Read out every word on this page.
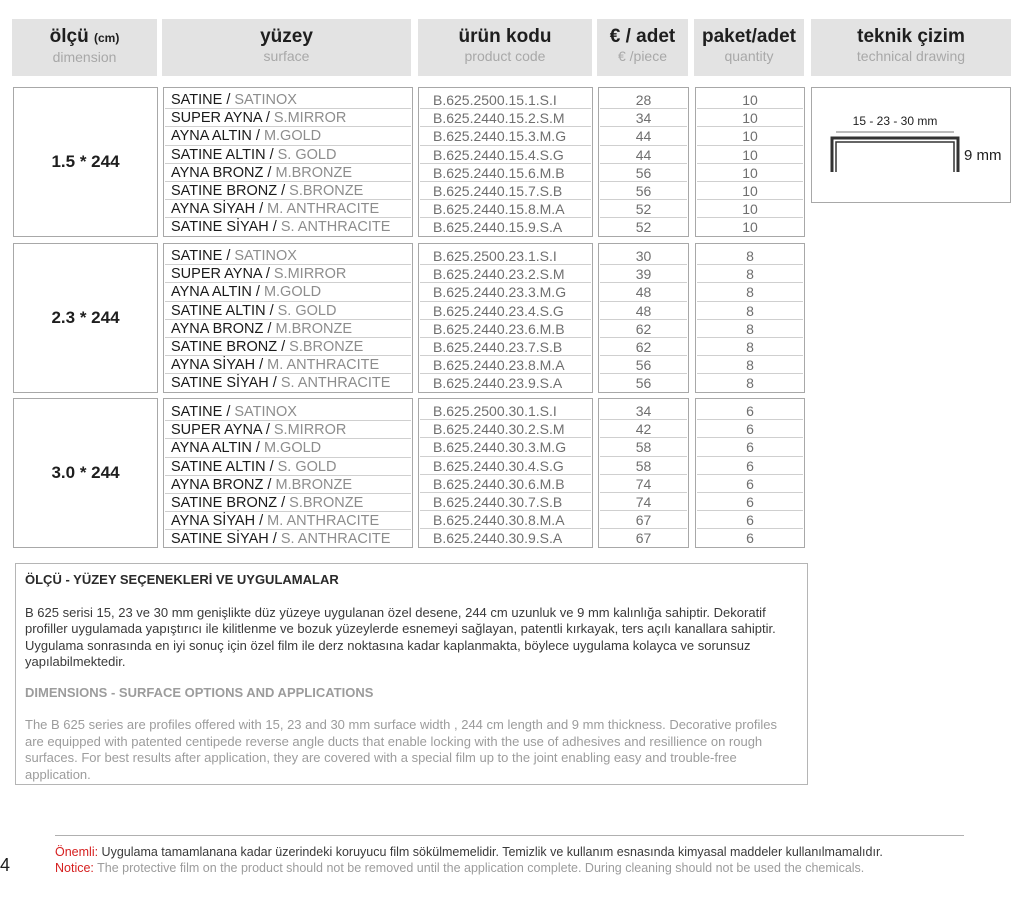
ölçü (cm)
dimension
yüzey
surface
ürün kodu
product code
€ / adet
€ /piece
paket/adet
quantity
teknik çizim
technical drawing
15 - 23 - 30 mm
9 mm
1.5 * 244
SATINE / SATINOX
SUPER AYNA / S.MIRROR
AYNA ALTIN / M.GOLD
SATINE ALTIN / S. GOLD
AYNA BRONZ / M.BRONZE
SATINE BRONZ / S.BRONZE
AYNA SİYAH / M. ANTHRACITE
SATINE SİYAH / S. ANTHRACITE
B.625.2500.15.1.S.I
B.625.2440.15.2.S.M
B.625.2440.15.3.M.G
B.625.2440.15.4.S.G
B.625.2440.15.6.M.B
B.625.2440.15.7.S.B
B.625.2440.15.8.M.A
B.625.2440.15.9.S.A
28
34
44
44
56
56
52
52
10
10
10
10
10
10
10
10
2.3 * 244
SATINE / SATINOX
SUPER AYNA / S.MIRROR
AYNA ALTIN / M.GOLD
SATINE ALTIN / S. GOLD
AYNA BRONZ / M.BRONZE
SATINE BRONZ / S.BRONZE
AYNA SİYAH / M. ANTHRACITE
SATINE SİYAH / S. ANTHRACITE
B.625.2500.23.1.S.I
B.625.2440.23.2.S.M
B.625.2440.23.3.M.G
B.625.2440.23.4.S.G
B.625.2440.23.6.M.B
B.625.2440.23.7.S.B
B.625.2440.23.8.M.A
B.625.2440.23.9.S.A
30
39
48
48
62
62
56
56
8
8
8
8
8
8
8
8
3.0 * 244
SATINE / SATINOX
SUPER AYNA / S.MIRROR
AYNA ALTIN / M.GOLD
SATINE ALTIN / S. GOLD
AYNA BRONZ / M.BRONZE
SATINE BRONZ / S.BRONZE
AYNA SİYAH / M. ANTHRACITE
SATINE SİYAH / S. ANTHRACITE
B.625.2500.30.1.S.I
B.625.2440.30.2.S.M
B.625.2440.30.3.M.G
B.625.2440.30.4.S.G
B.625.2440.30.6.M.B
B.625.2440.30.7.S.B
B.625.2440.30.8.M.A
B.625.2440.30.9.S.A
34
42
58
58
74
74
67
67
6
6
6
6
6
6
6
6
ÖLÇÜ - YÜZEY SEÇENEKLERİ VE UYGULAMALAR
B 625 serisi 15, 23 ve 30 mm genişlikte düz yüzeye uygulanan özel desene, 244 cm uzunluk ve 9 mm kalınlığa sahiptir. Dekoratif profiller uygulamada yapıştırıcı ile kilitlenme ve bozuk yüzeylerde esnemeyi sağlayan, patentli kırkayak, ters açılı kanallara sahiptir. Uygulama sonrasında en iyi sonuç için özel film ile derz noktasına kadar kaplanmakta, böylece uygulama kolayca ve sorunsuz yapılabilmektedir.
DIMENSIONS - SURFACE OPTIONS AND APPLICATIONS
The B 625 series are profiles offered with 15, 23 and 30 mm surface width , 244 cm length and 9 mm thickness. Decorative profiles are equipped with patented centipede reverse angle ducts that enable locking with the use of adhesives and resillience on rough surfaces. For best results after application, they are covered with a special film up to the joint enabling easy and trouble-free application.
Önemli: Uygulama tamamlanana kadar üzerindeki koruyucu film sökülmemelidir. Temizlik ve kullanım esnasında kimyasal maddeler kullanılmamalıdır.
Notice: The protective film on the product should not be removed until the application complete. During cleaning should not be used the chemicals.
4
